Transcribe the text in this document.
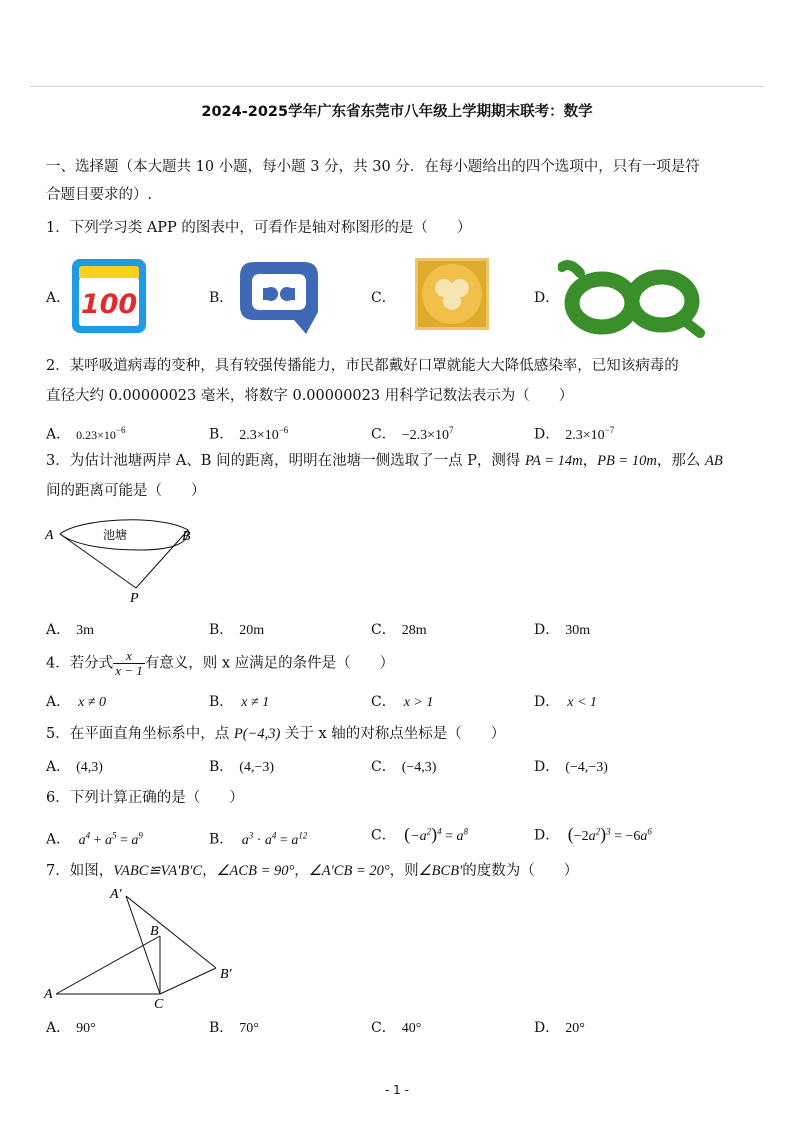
2024-2025学年广东省东莞市八年级上学期期末联考：数学
一、选择题（本大题共 10 小题，每小题 3 分，共 30 分．在每小题给出的四个选项中，只有一项是符
合题目要求的）.
1．下列学习类 APP 的图表中，可看作是轴对称图形的是（　　）
A． 100	B．	C．	D．
2．某呼吸道病毒的变种，具有较强传播能力，市民都戴好口罩就能大大降低感染率，已知该病毒的
直径大约 0.00000023 毫米，将数字 0.00000023 用科学记数法表示为（　　）
A． $0.23\times 10^{-6}$	B． $2.3\times 10^{-6}$	C． $-2.3\times 10^7$	D． $2.3\times 10^{-7}$
3．为估计池塘两岸 A、B 间的距离，明明在池塘一侧选取了一点 P，测得 PA = 14m，PB = 10m，那么 AB
间的距离可能是（　　）
A	B
P
池塘
A． 3m	B． 20m	C． 28m	D． 30m
4．若分式 $\frac{x}{x - 1}$ 有意义，则 x 应满足的条件是（　　）
A． x ≠ 0	B． x ≠ 1	C． x > 1	D． x < 1
5．在平面直角坐标系中，点 P(−4,3) 关于 x 轴的对称点坐标是（　　）
A． (4,3)	B． (4,−3)	C． (−4,3)	D． (−4,−3)
6．下列计算正确的是（　　）
A． $a^4 + a^5 = a^9$	B． $a^3 \cdot a^4 = a^{12}$	C． $(-a^2)^4 = a^8$	D． $(-2a^2)^3 = -6a^6$
7．如图，VABC≌VA′B′C，∠ACB = 90°，∠A′CB = 20°，则∠BCB′的度数为（　　）
A′
B
B′
A
C
A． 90°	B． 70°	C． 40°	D． 20°
- 1 -
